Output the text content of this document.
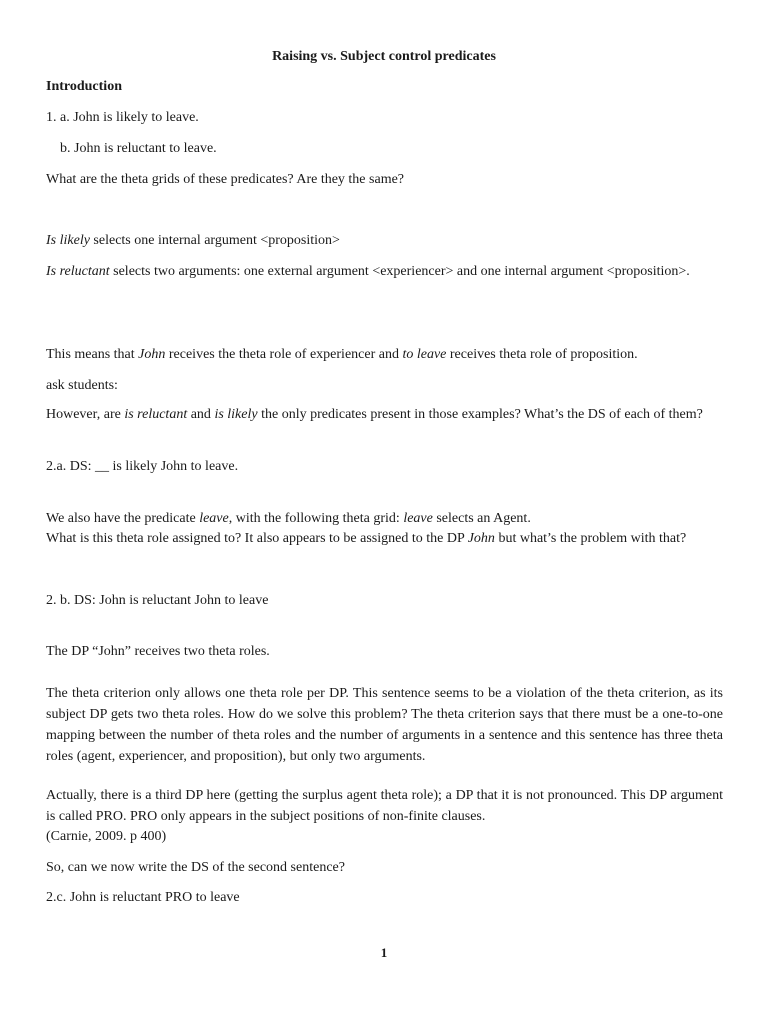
Raising vs. Subject control predicates
Introduction
1. a. John is likely to leave.
b. John is reluctant to leave.
What are the theta grids of these predicates? Are they the same?
Is likely selects one internal argument <proposition>
Is reluctant selects two arguments: one external argument <experiencer> and one internal argument <proposition>.
This means that John receives the theta role of experiencer and to leave receives theta role of proposition.
ask students:
However, are is reluctant and is likely the only predicates present in those examples? What’s the DS of each of them?
2.a. DS: __ is likely John to leave.
We also have the predicate leave, with the following theta grid: leave selects an Agent.
What is this theta role assigned to? It also appears to be assigned to the DP John but what’s the problem with that?
2. b. DS: John is reluctant John to leave
The DP “John” receives two theta roles.
The theta criterion only allows one theta role per DP. This sentence seems to be a violation of the theta criterion, as its subject DP gets two theta roles. How do we solve this problem? The theta criterion says that there must be a one-to-one mapping between the number of theta roles and the number of arguments in a sentence and this sentence has three theta roles (agent, experiencer, and proposition), but only two arguments.
Actually, there is a third DP here (getting the surplus agent theta role); a DP that it is not pronounced. This DP argument is called PRO. PRO only appears in the subject positions of non-finite clauses.
(Carnie, 2009. p 400)
So, can we now write the DS of the second sentence?
2.c. John is reluctant PRO to leave
1
